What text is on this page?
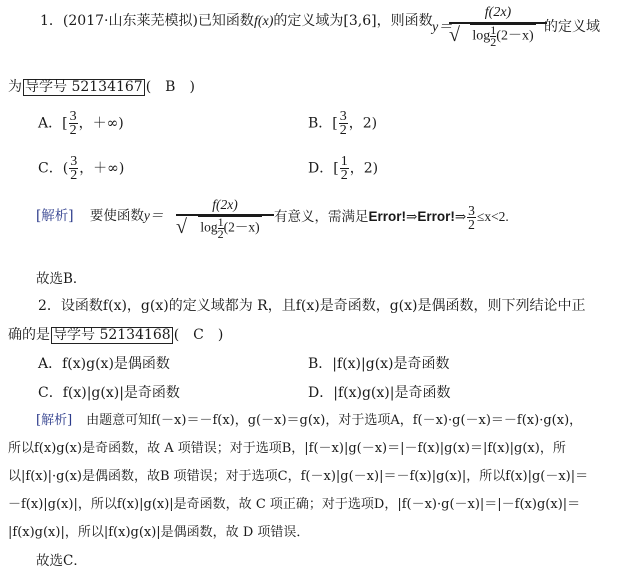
1．(2017·山东莱芜模拟)已知函数f(x)的定义域为[3,6]，则函数 y＝
$\frac{f(2x)}{√ \log \frac{1}{2} (2-x)}$
的定义域
为 导学号 52134167 (　B　)
A．[ $\frac{3}{2}$ ，＋∞)	B．[ $\frac{3}{2}$ ，2)
C．( $\frac{3}{2}$ ，＋∞)	D．[ $\frac{1}{2}$ ，2)
[解析] 要使函数$y= \frac{f(2x)}{√ \log \frac{1}{2} (2-x)}$ 有意义，需满足Error!⇒Error!⇒ $\frac{3}{2} \le x<2$.
故选B．
2．设函数f(x)，g(x)的定义域都为 R，且f(x)是奇函数，g(x)是偶函数，则下列结论中正
确的是 导学号 52134168 (　C　)
A．f(x)g(x)是偶函数	B．|f(x)|g(x)是奇函数
C．f(x)|g(x)|是奇函数	D．|f(x)g(x)|是奇函数
[解析] 由题意可知f(－x)＝－f(x)，g(－x)＝g(x)，对于选项A，f(－x)·g(－x)＝－f(x)·g(x)，
所以f(x)g(x)是奇函数，故 A 项错误；对于选项B，|f(－x)|g(－x)＝|－f(x)|g(x)＝|f(x)|g(x)，所
以|f(x)|·g(x)是偶函数，故B 项错误；对于选项C，f(－x)|g(－x)|＝－f(x)|g(x)|，所以f(x)|g(－x)|＝
－f(x)|g(x)|，所以f(x)|g(x)|是奇函数，故 C 项正确；对于选项D，|f(－x)·g(－x)|＝|－f(x)g(x)|＝
|f(x)g(x)|，所以|f(x)g(x)|是偶函数，故 D 项错误．
故选C．
